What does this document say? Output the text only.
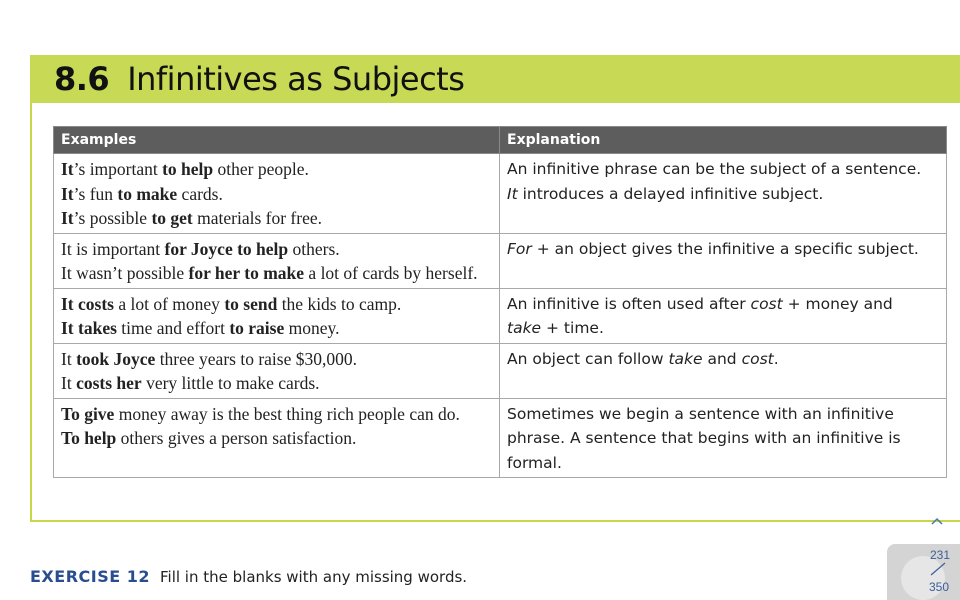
8.6 Infinitives as Subjects
Examples	Explanation

It’s important to help other people.
It’s fun to make cards.
It’s possible to get materials for free.	An infinitive phrase can be the subject of a sentence.
It introduces a delayed infinitive subject.

It is important for Joyce to help others.
It wasn’t possible for her to make a lot of cards by herself.	For + an object gives the infinitive a specific subject.

It costs a lot of money to send the kids to camp.
It takes time and effort to raise money.	An infinitive is often used after cost + money and
take + time.

It took Joyce three years to raise $30,000.
It costs her very little to make cards.	An object can follow take and cost.

To give money away is the best thing rich people can do.
To help others gives a person satisfaction.	Sometimes we begin a sentence with an infinitive phrase. A sentence that begins with an infinitive is formal.
EXERCISE 12 Fill in the blanks with any missing words.
231
350
